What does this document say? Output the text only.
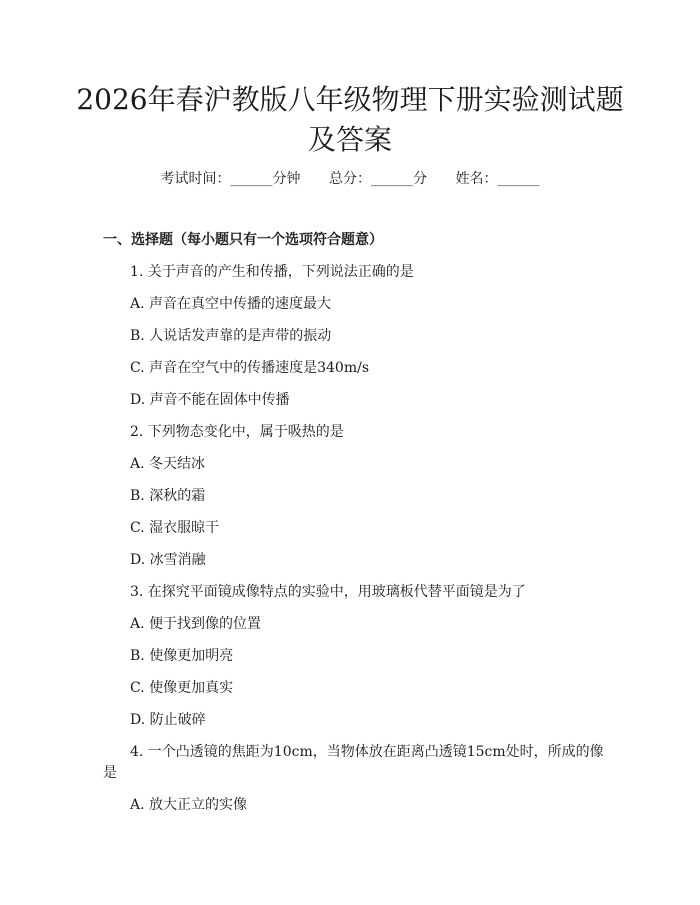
2026年春沪教版八年级物理下册实验测试题
及答案
考试时间：______分钟 总分：______分 姓名：______
一、选择题（每小题只有一个选项符合题意）
1. 关于声音的产生和传播，下列说法正确的是
A. 声音在真空中传播的速度最大
B. 人说话发声靠的是声带的振动
C. 声音在空气中的传播速度是340m/s
D. 声音不能在固体中传播
2. 下列物态变化中，属于吸热的是
A. 冬天结冰
B. 深秋的霜
C. 湿衣服晾干
D. 冰雪消融
3. 在探究平面镜成像特点的实验中，用玻璃板代替平面镜是为了
A. 便于找到像的位置
B. 使像更加明亮
C. 使像更加真实
D. 防止破碎
4. 一个凸透镜的焦距为10cm，当物体放在距离凸透镜15cm处时，所成的像
是
A. 放大正立的实像
